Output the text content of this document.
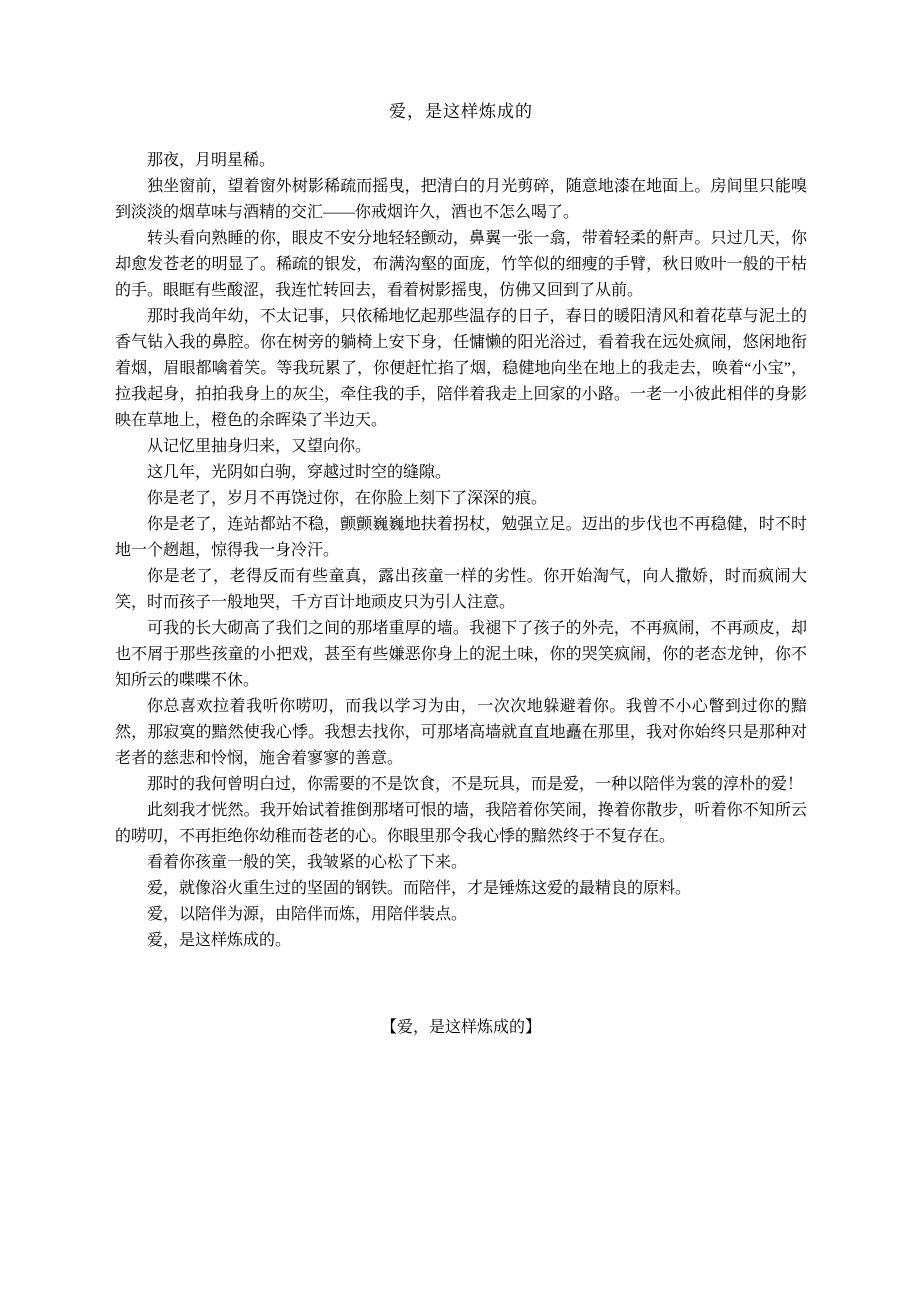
爱，是这样炼成的

那夜，月明星稀。

独坐窗前，望着窗外树影稀疏而摇曳，把清白的月光剪碎，随意地漆在地面上。房间里只能嗅到淡淡的烟草味与酒精的交汇——你戒烟许久，酒也不怎么喝了。

转头看向熟睡的你，眼皮不安分地轻轻颤动，鼻翼一张一翕，带着轻柔的鼾声。只过几天，你却愈发苍老的明显了。稀疏的银发，布满沟壑的面庞，竹竿似的细瘦的手臂，秋日败叶一般的干枯的手。眼眶有些酸涩，我连忙转回去，看着树影摇曳，仿佛又回到了从前。

那时我尚年幼，不太记事，只依稀地忆起那些温存的日子，春日的暖阳清风和着花草与泥土的香气钻入我的鼻腔。你在树旁的躺椅上安下身，任慵懒的阳光浴过，看着我在远处疯闹，悠闲地衔着烟，眉眼都噙着笑。等我玩累了，你便赶忙掐了烟，稳健地向坐在地上的我走去，唤着“小宝”，拉我起身，拍拍我身上的灰尘，牵住我的手，陪伴着我走上回家的小路。一老一小彼此相伴的身影映在草地上，橙色的余晖染了半边天。

从记忆里抽身归来，又望向你。

这几年，光阴如白驹，穿越过时空的缝隙。

你是老了，岁月不再饶过你，在你脸上刻下了深深的痕。

你是老了，连站都站不稳，颤颤巍巍地扶着拐杖，勉强立足。迈出的步伐也不再稳健，时不时地一个趔趄，惊得我一身冷汗。

你是老了，老得反而有些童真，露出孩童一样的劣性。你开始淘气，向人撒娇，时而疯闹大笑，时而孩子一般地哭，千方百计地顽皮只为引人注意。

可我的长大砌高了我们之间的那堵重厚的墙。我褪下了孩子的外壳，不再疯闹，不再顽皮，却也不屑于那些孩童的小把戏，甚至有些嫌恶你身上的泥土味，你的哭笑疯闹，你的老态龙钟，你不知所云的喋喋不休。

你总喜欢拉着我听你唠叨，而我以学习为由，一次次地躲避着你。我曾不小心瞥到过你的黯然，那寂寞的黯然使我心悸。我想去找你，可那堵高墙就直直地矗在那里，我对你始终只是那种对老者的慈悲和怜悯，施舍着寥寥的善意。

那时的我何曾明白过，你需要的不是饮食，不是玩具，而是爱，一种以陪伴为裳的淳朴的爱！

此刻我才恍然。我开始试着推倒那堵可恨的墙，我陪着你笑闹，搀着你散步，听着你不知所云的唠叨，不再拒绝你幼稚而苍老的心。你眼里那令我心悸的黯然终于不复存在。

看着你孩童一般的笑，我皱紧的心松了下来。

爱，就像浴火重生过的坚固的钢铁。而陪伴，才是锤炼这爱的最精良的原料。

爱，以陪伴为源，由陪伴而炼，用陪伴装点。

爱，是这样炼成的。

【爱，是这样炼成的】
